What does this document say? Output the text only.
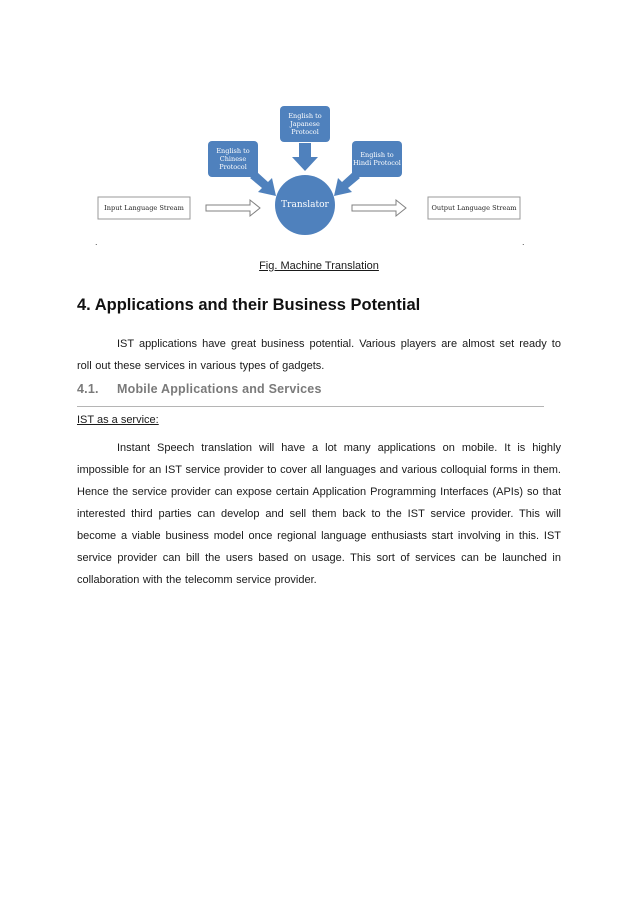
English to Japanese Protocol
English to Chinese Protocol
English to Hindi Protocol
Translator
Input Language Stream	Output Language Stream
.	.
Fig. Machine Translation
4. Applications and their Business Potential
IST applications have great business potential. Various players are almost set ready to roll out these services in various types of gadgets.
4.1. Mobile Applications and Services
IST as a service:
Instant Speech translation will have a lot many applications on mobile. It is highly impossible for an IST service provider to cover all languages and various colloquial forms in them. Hence the service provider can expose certain Application Programming Interfaces (APIs) so that interested third parties can develop and sell them back to the IST service provider. This will become a viable business model once regional language enthusiasts start involving in this. IST service provider can bill the users based on usage. This sort of services can be launched in collaboration with the telecomm service provider.
